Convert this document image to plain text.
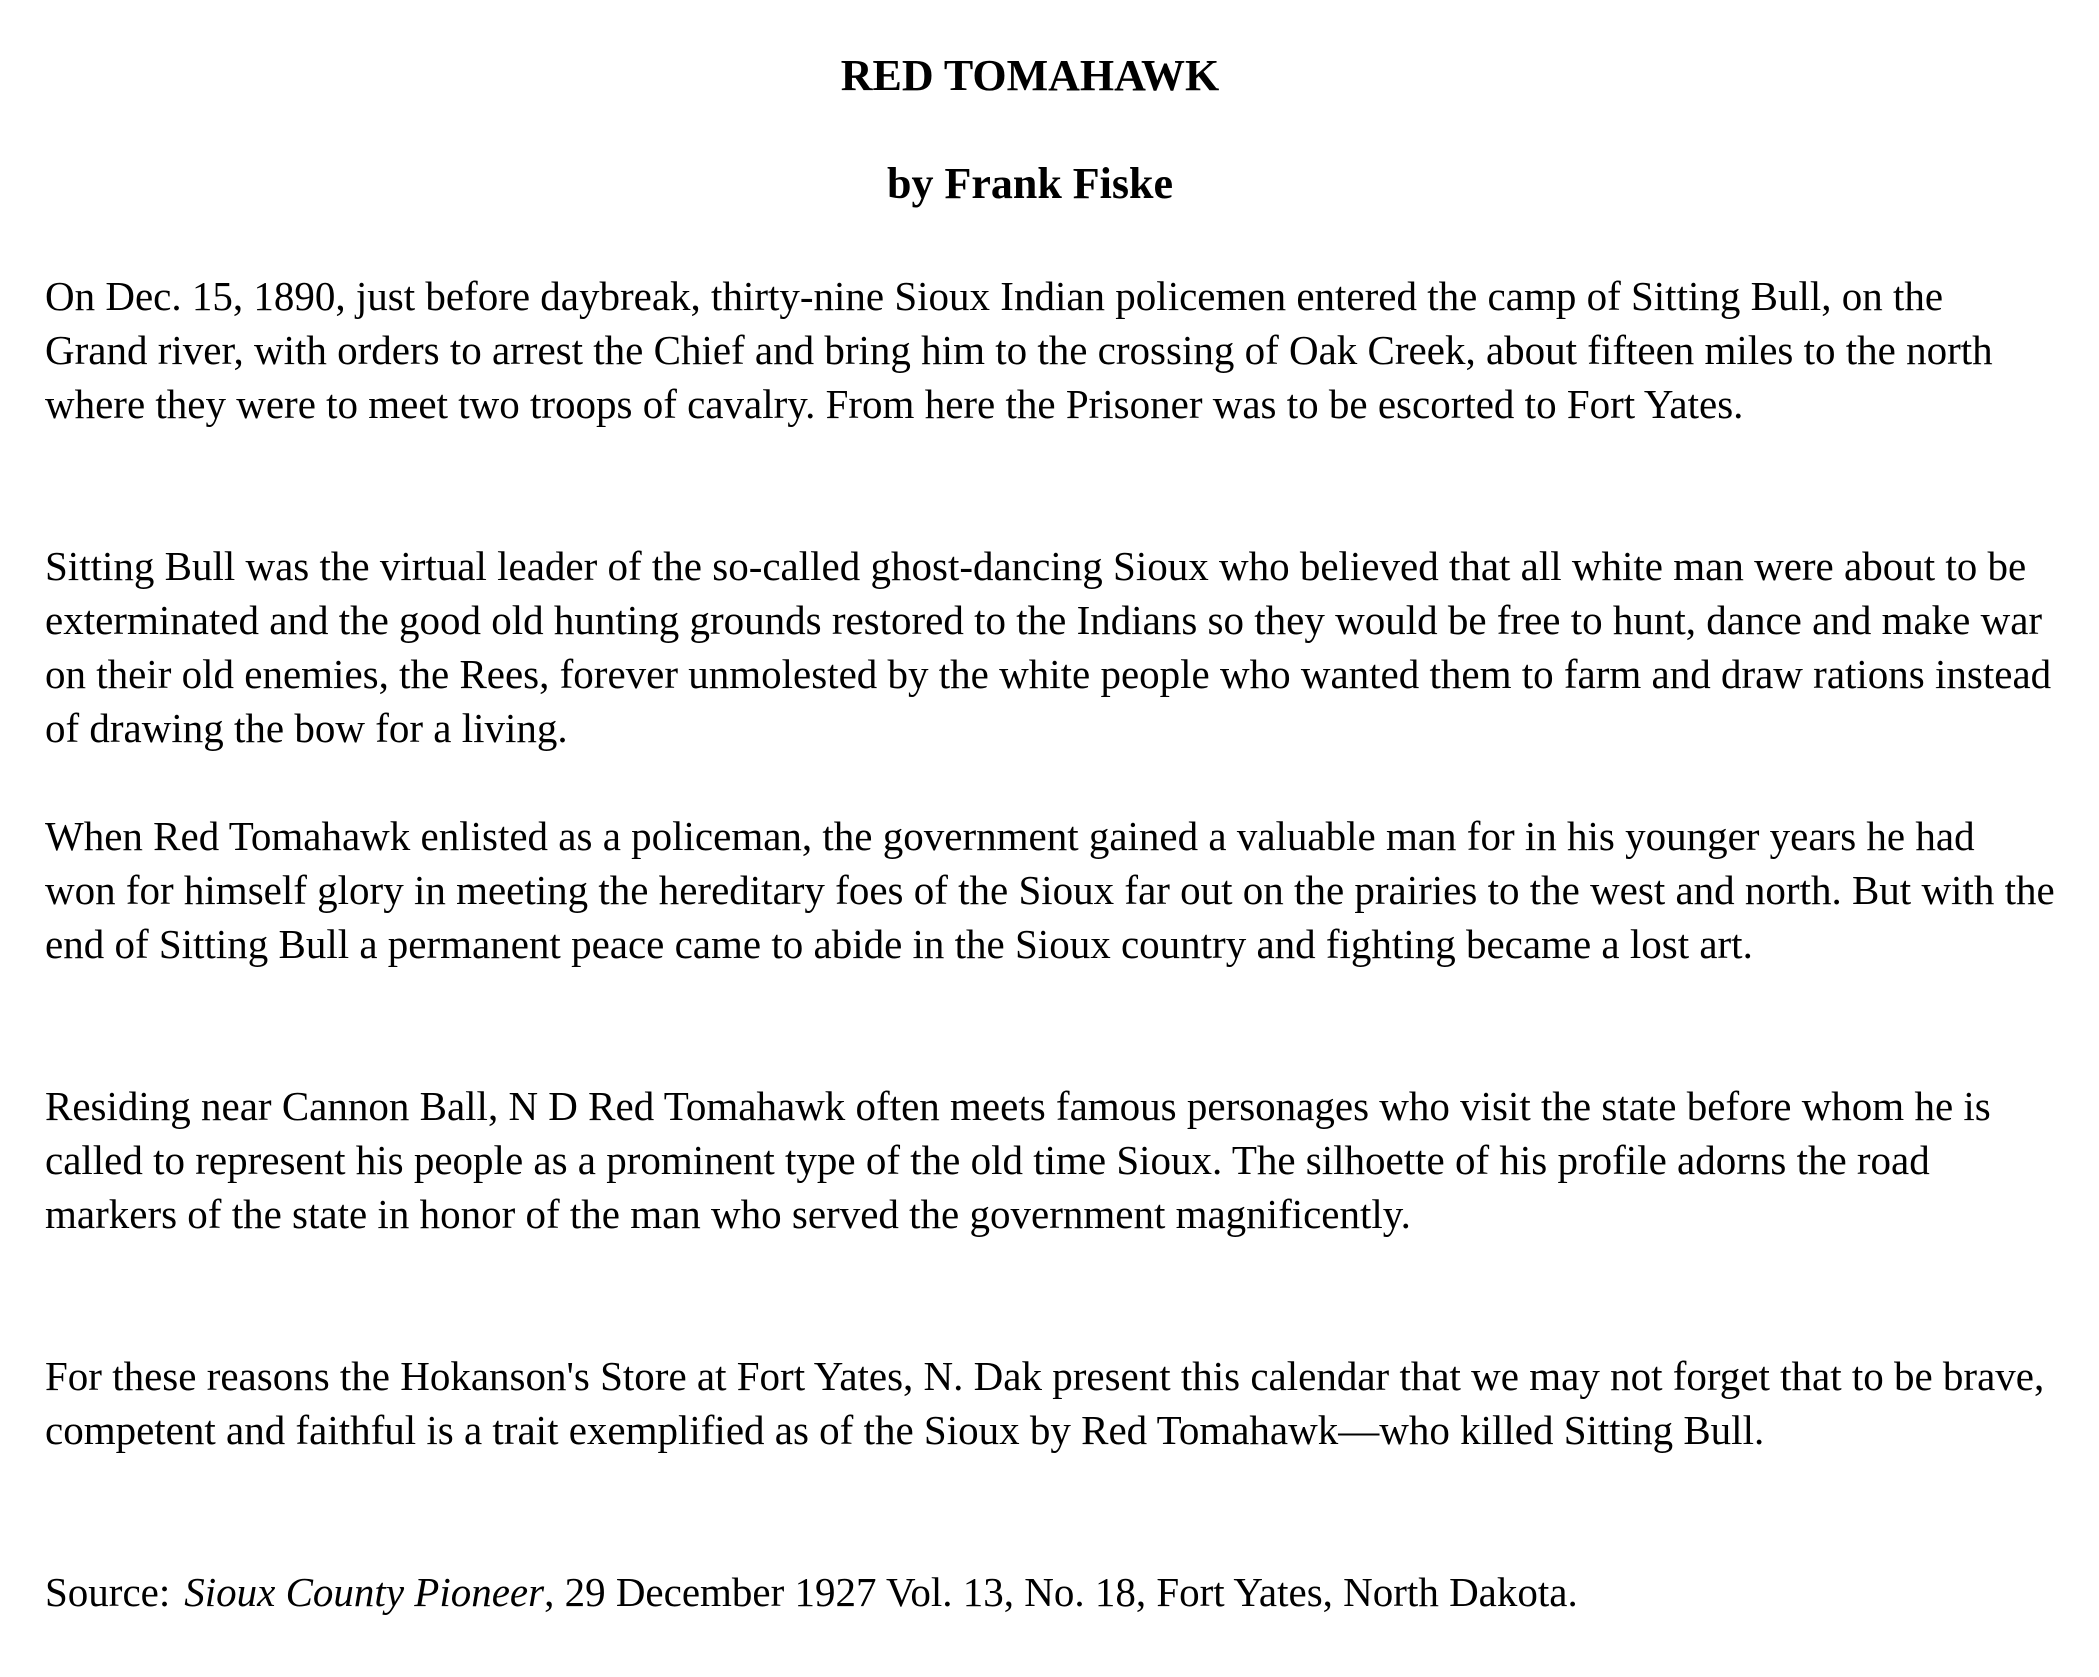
RED TOMAHAWK
by Frank Fiske

On Dec. 15, 1890, just before daybreak, thirty-nine Sioux Indian policemen entered the camp of Sitting Bull, on the Grand river, with orders to arrest the Chief and bring him to the crossing of Oak Creek, about fifteen miles to the north where they were to meet two troops of cavalry. From here the Prisoner was to be escorted to Fort Yates.

Sitting Bull was the virtual leader of the so-called ghost-dancing Sioux who believed that all white man were about to be exterminated and the good old hunting grounds restored to the Indians so they would be free to hunt, dance and make war on their old enemies, the Rees, forever unmolested by the white people who wanted them to farm and draw rations instead of drawing the bow for a living.

When Red Tomahawk enlisted as a policeman, the government gained a valuable man for in his younger years he had won for himself glory in meeting the hereditary foes of the Sioux far out on the prairies to the west and north. But with the end of Sitting Bull a permanent peace came to abide in the Sioux country and fighting became a lost art.

Residing near Cannon Ball, N D Red Tomahawk often meets famous personages who visit the state before whom he is called to represent his people as a prominent type of the old time Sioux. The silhoette of his profile adorns the road markers of the state in honor of the man who served the government magnificently.

For these reasons the Hokanson's Store at Fort Yates, N. Dak present this calendar that we may not forget that to be brave, competent and faithful is a trait exemplified as of the Sioux by Red Tomahawk—who killed Sitting Bull.

Source: Sioux County Pioneer, 29 December 1927 Vol. 13, No. 18, Fort Yates, North Dakota.
